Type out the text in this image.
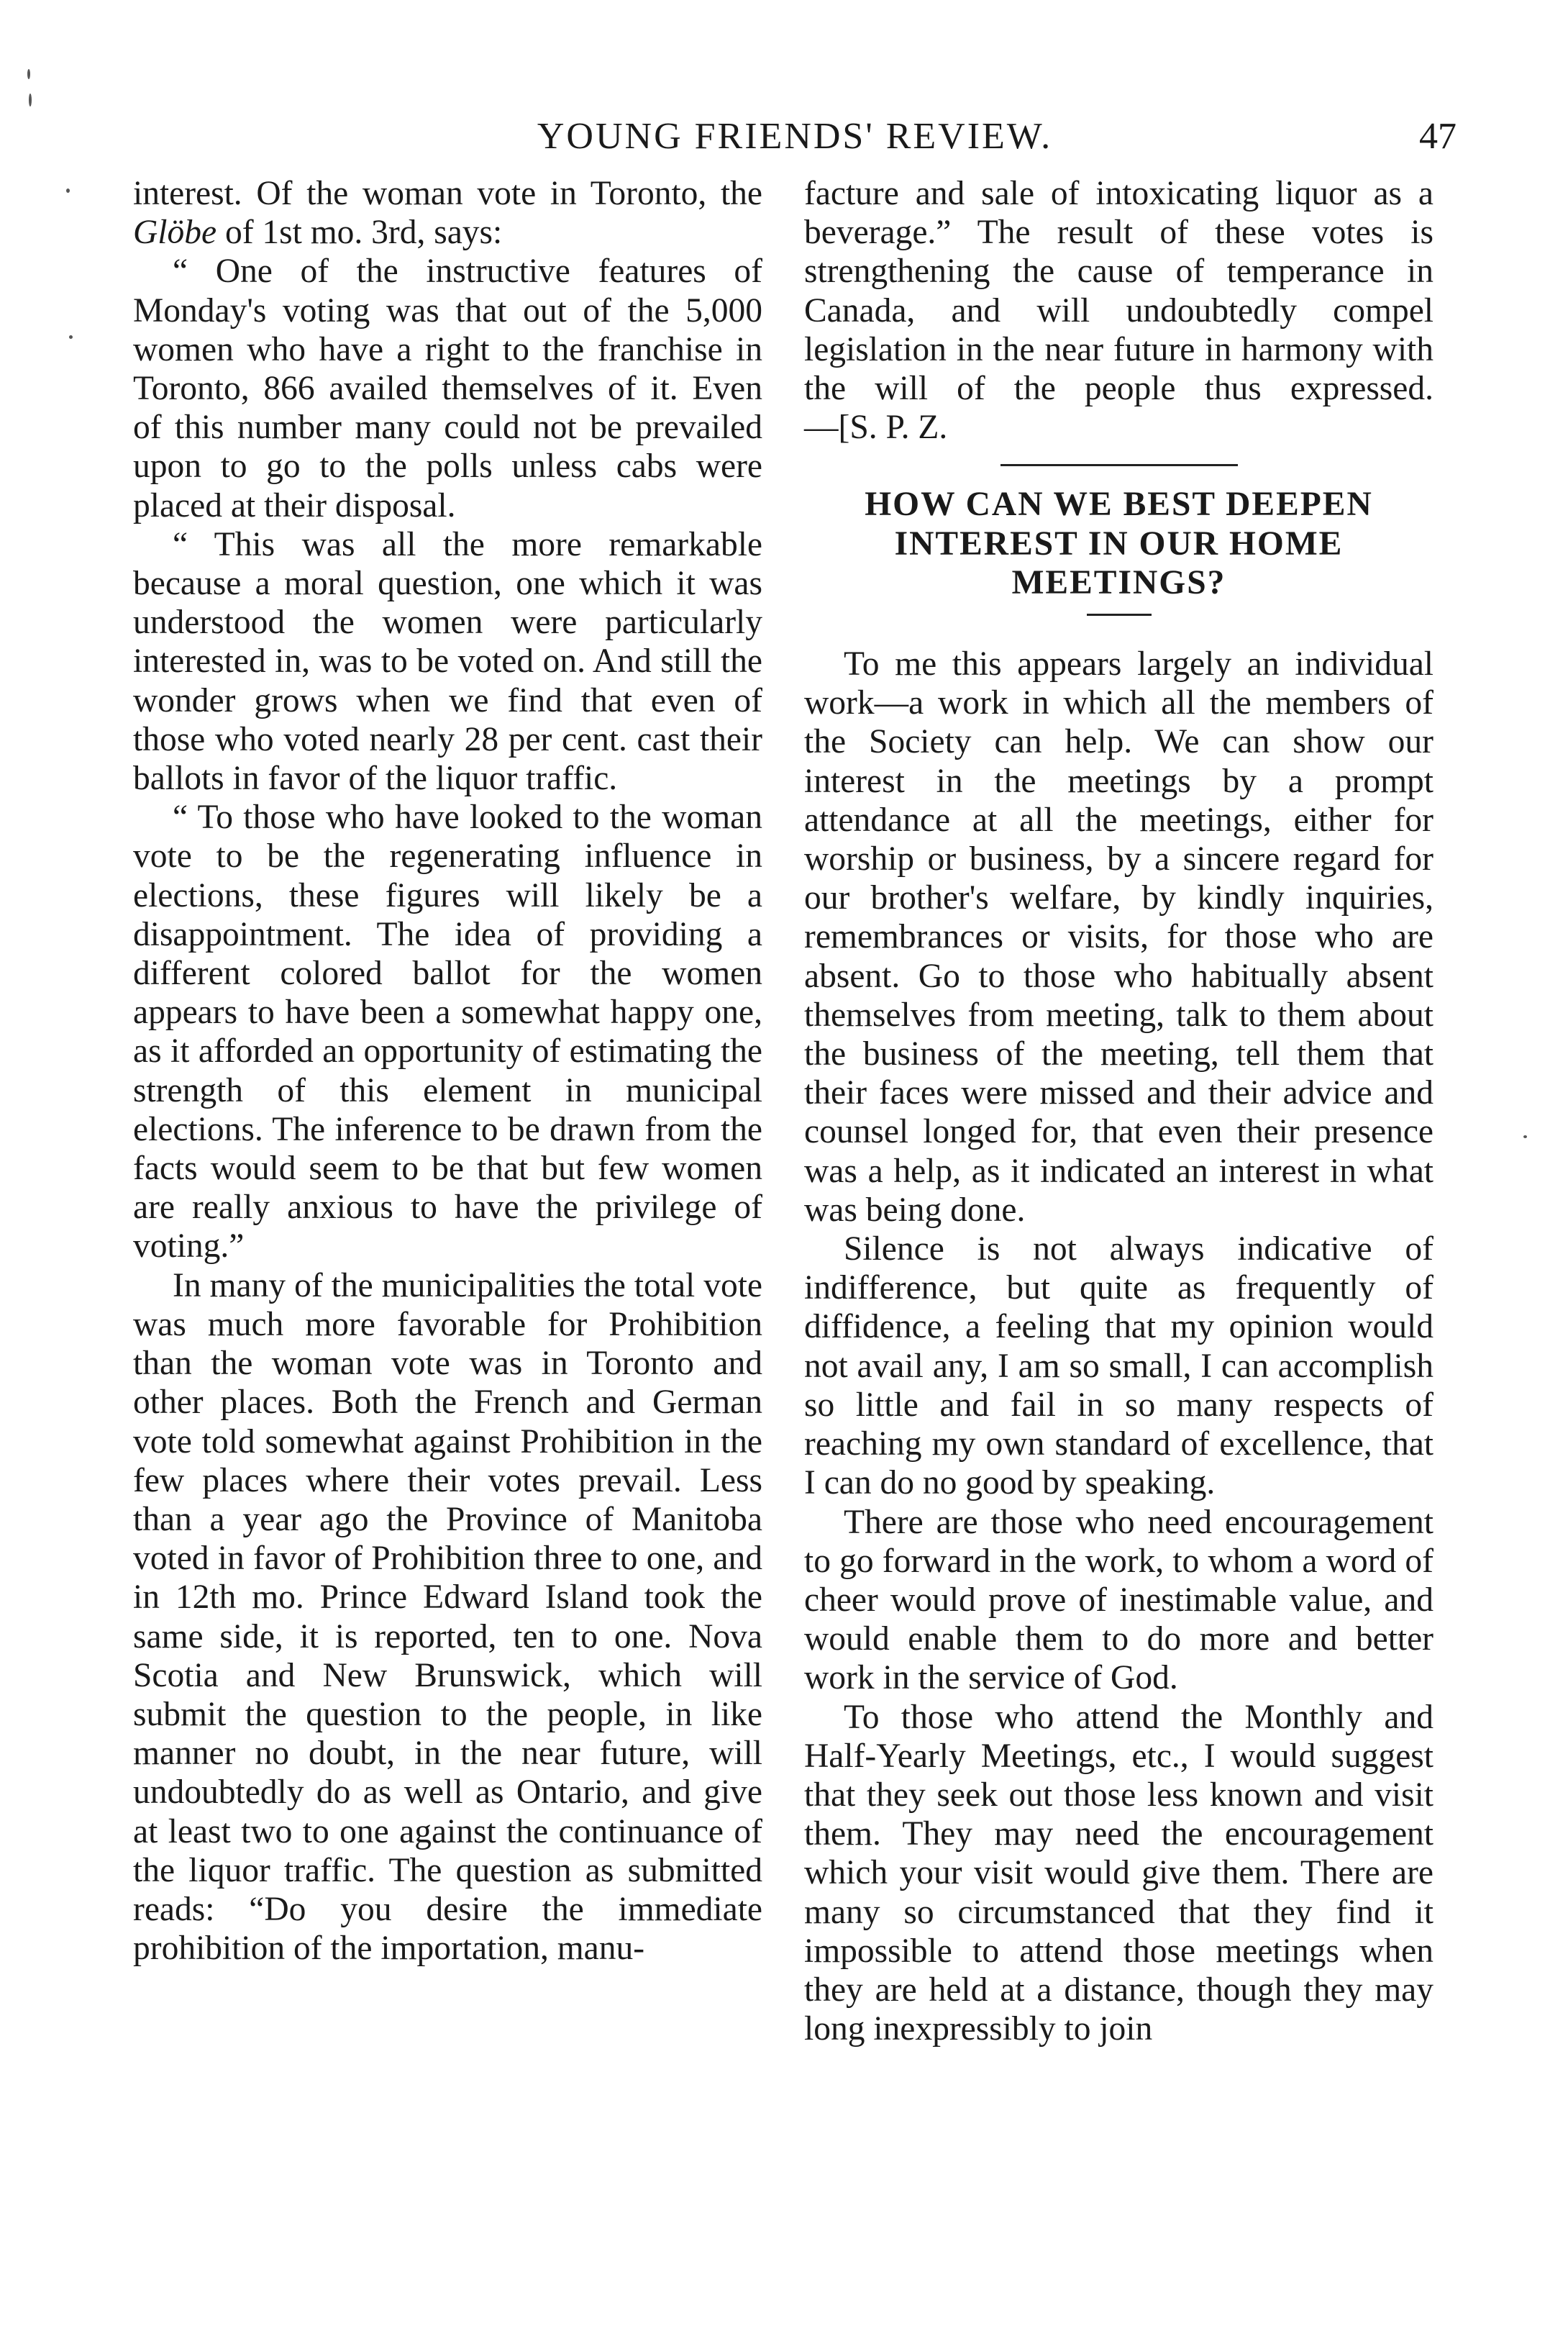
YOUNG FRIENDS' REVIEW.	47

interest. Of the woman vote in Toronto, the Glöbe of 1st mo. 3rd, says:

“ One of the instructive features of Monday's voting was that out of the 5,000 women who have a right to the franchise in Toronto, 866 availed themselves of it. Even of this number many could not be prevailed upon to go to the polls unless cabs were placed at their disposal.

“ This was all the more remarkable because a moral question, one which it was understood the women were particularly interested in, was to be voted on. And still the wonder grows when we find that even of those who voted nearly 28 per cent. cast their ballots in favor of the liquor traffic.

“ To those who have looked to the woman vote to be the regenerating influence in elections, these figures will likely be a disappointment. The idea of providing a different colored ballot for the women appears to have been a somewhat happy one, as it afforded an opportunity of estimating the strength of this element in municipal elections. The inference to be drawn from the facts would seem to be that but few women are really anxious to have the privilege of voting.”

In many of the municipalities the total vote was much more favorable for Prohibition than the woman vote was in Toronto and other places. Both the French and German vote told somewhat against Prohibition in the few places where their votes prevail. Less than a year ago the Province of Manitoba voted in favor of Prohibition three to one, and in 12th mo. Prince Edward Island took the same side, it is reported, ten to one. Nova Scotia and New Brunswick, which will submit the question to the people, in like manner no doubt, in the near future, will undoubtedly do as well as Ontario, and give at least two to one against the continuance of the liquor traffic. The question as submitted reads: “Do you desire the immediate prohibition of the importation, manu-

facture and sale of intoxicating liquor as a beverage.” The result of these votes is strengthening the cause of temperance in Canada, and will undoubtedly compel legislation in the near future in harmony with the will of the people thus expressed.—[S. P. Z.

HOW CAN WE BEST DEEPEN INTEREST IN OUR HOME MEETINGS?

To me this appears largely an individual work—a work in which all the members of the Society can help. We can show our interest in the meetings by a prompt attendance at all the meetings, either for worship or business, by a sincere regard for our brother's welfare, by kindly inquiries, remembrances or visits, for those who are absent. Go to those who habitually absent themselves from meeting, talk to them about the business of the meeting, tell them that their faces were missed and their advice and counsel longed for, that even their presence was a help, as it indicated an interest in what was being done.

Silence is not always indicative of indifference, but quite as frequently of diffidence, a feeling that my opinion would not avail any, I am so small, I can accomplish so little and fail in so many respects of reaching my own standard of excellence, that I can do no good by speaking.

There are those who need encouragement to go forward in the work, to whom a word of cheer would prove of inestimable value, and would enable them to do more and better work in the service of God.

To those who attend the Monthly and Half-Yearly Meetings, etc., I would suggest that they seek out those less known and visit them. They may need the encouragement which your visit would give them. There are many so circumstanced that they find it impossible to attend those meetings when they are held at a distance, though they may long inexpressibly to join
